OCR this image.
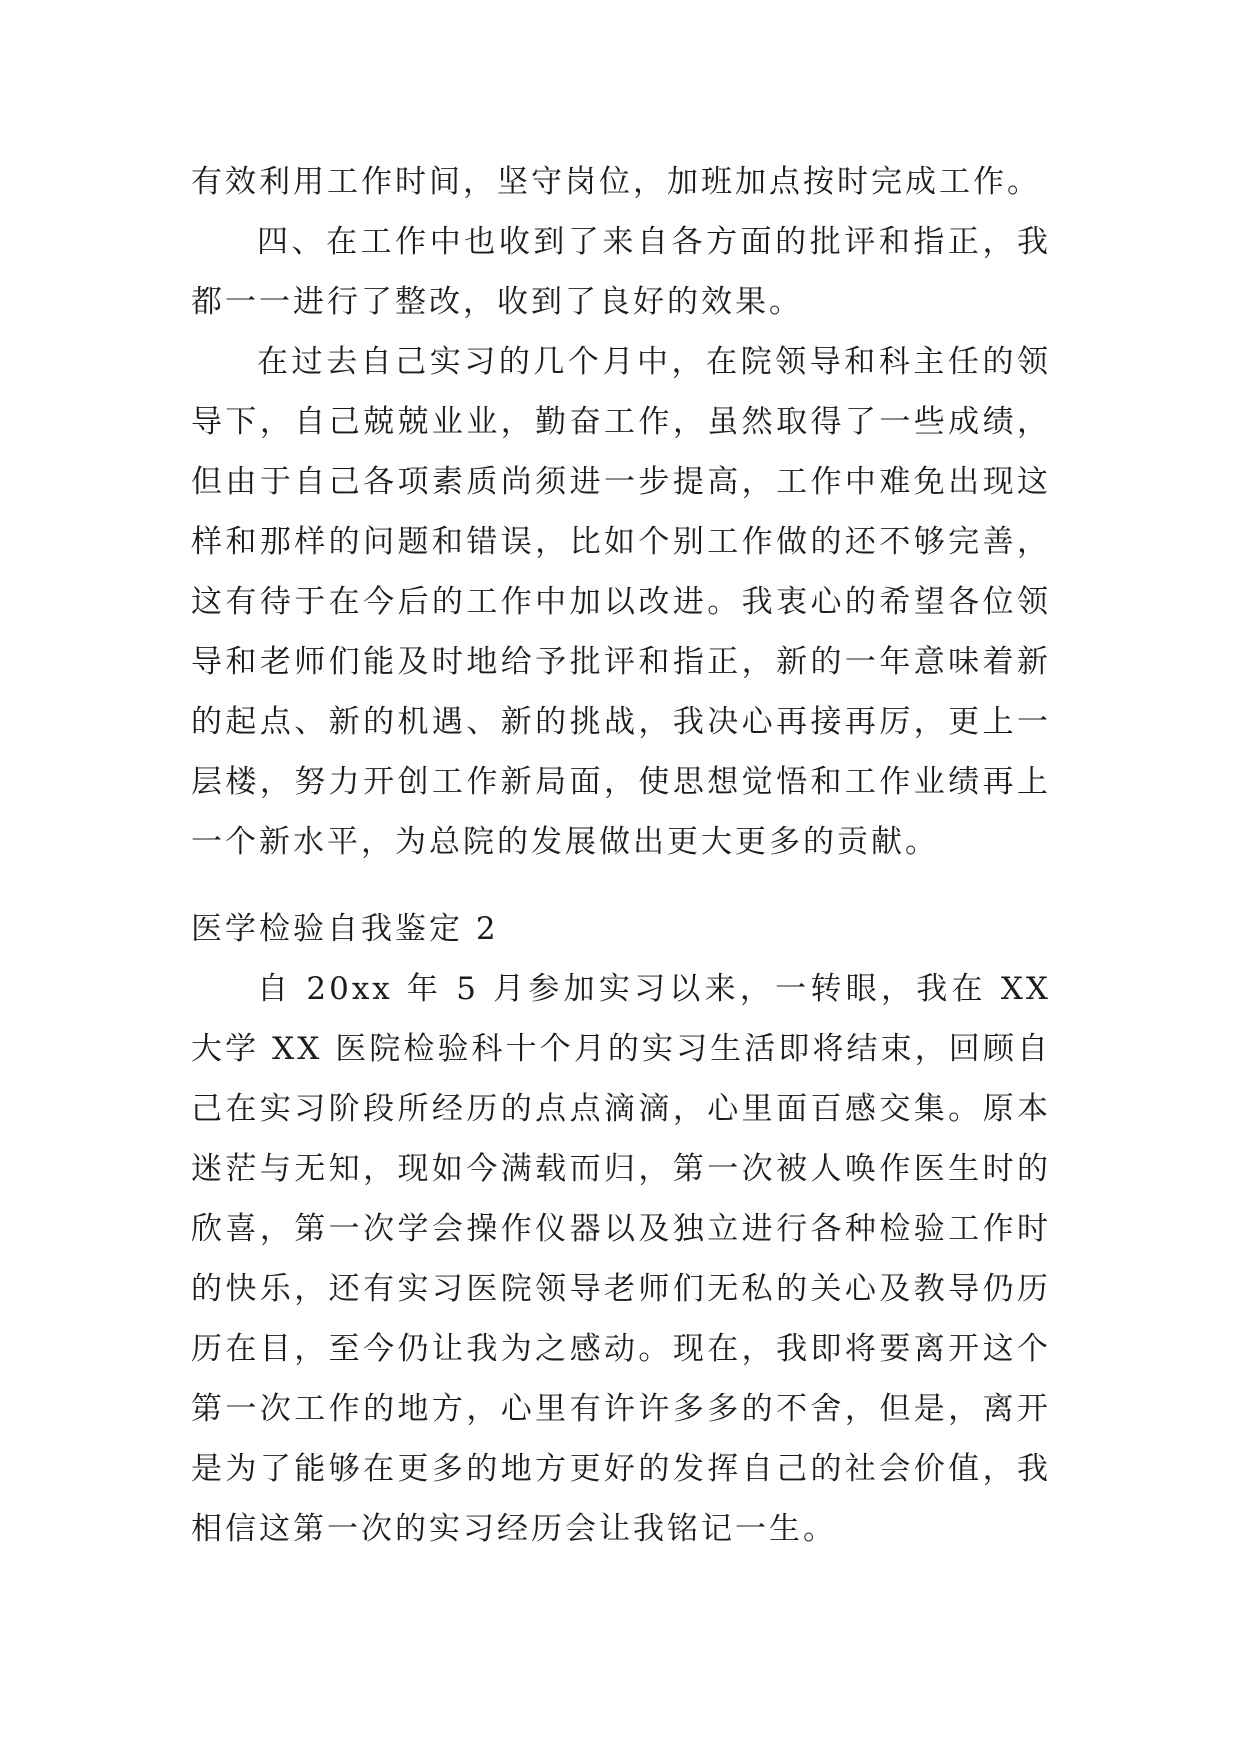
有效利用工作时间，坚守岗位，加班加点按时完成工作。

四、在工作中也收到了来自各方面的批评和指正，我都一一进行了整改，收到了良好的效果。

在过去自己实习的几个月中，在院领导和科主任的领导下，自己兢兢业业，勤奋工作，虽然取得了一些成绩，但由于自己各项素质尚须进一步提高，工作中难免出现这样和那样的问题和错误，比如个别工作做的还不够完善，这有待于在今后的工作中加以改进。我衷心的希望各位领导和老师们能及时地给予批评和指正，新的一年意味着新的起点、新的机遇、新的挑战，我决心再接再厉，更上一层楼，努力开创工作新局面，使思想觉悟和工作业绩再上一个新水平，为总院的发展做出更大更多的贡献。

医学检验自我鉴定 2

自 20xx 年 5 月参加实习以来，一转眼，我在 XX 大学 XX 医院检验科十个月的实习生活即将结束，回顾自己在实习阶段所经历的点点滴滴，心里面百感交集。原本迷茫与无知，现如今满载而归，第一次被人唤作医生时的欣喜，第一次学会操作仪器以及独立进行各种检验工作时的快乐，还有实习医院领导老师们无私的关心及教导仍历历在目，至今仍让我为之感动。现在，我即将要离开这个第一次工作的地方，心里有许许多多的不舍，但是，离开是为了能够在更多的地方更好的发挥自己的社会价值，我相信这第一次的实习经历会让我铭记一生。
